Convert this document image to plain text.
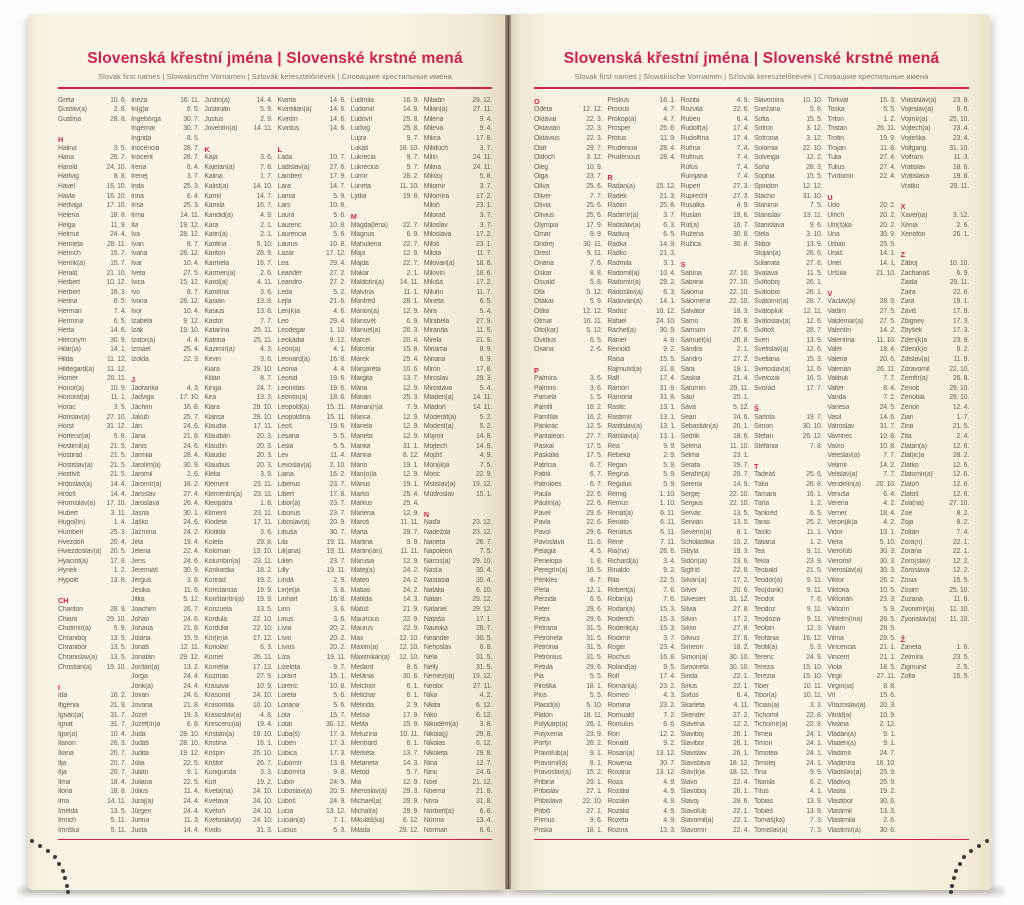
Slovenská křestní jména | Slovenské krstné mená
Slovak first names | Slowakische Vornamen | Szlovák keresztelőnevek | Словацкие крестильные имена
Gréta	10. 6.
Gustáv(a)	2. 8.
Gustína	28. 8.
H
Halina	3. 5.
Hana	26. 7.
Harold	24. 10.
Hartvig	8. 8.
Havel	16. 10.
Havla	16. 10.
Hedviga	17. 10.
Helena	18. 8.
Helga	11. 9.
Helmut	24. 4.
Henrieta	28. 11.
Henrich	15. 7.
Henrik(a)	15. 7.
Herald	21. 10.
Herbert	10. 12.
Herbert	16. 3.
Herina	6. 5.
Herman	7. 4.
Hermína	6. 5.
Herta	14. 6.
Hieronym	30. 9.
Hilár(ia)	14. 1.
Hilda	11. 12.
Hildegard(a) 11. 12.
Homér	20. 11.
Honor(a)	10. 9.
Honorát(a)	11. 1.
Horác	3. 5.
Horislav(a) 27. 10.
Horst	31. 12.
Hortenz(ia)	5. 8.
Hostimil(a)	21. 5.
Hostirad	21. 5.
Hostislav(a)	21. 5.
Hostivít	21. 5.
Hrdoslav(a)	14. 4.
Hrdoš	14. 4.
Hromislav(a) 17. 10.
Hubert	3. 11.
Hugo(lín)	1. 4.
Humbert	25. 3.
Hvezdoň	20. 4.
Hviezdoslav(a) 20. 5.
Hyacint(a)	17. 8.
Hynek	1. 2.
Hypolit	13. 8.
CH
Chariton	28. 9.
Chiara	29. 10.
Chotimír(a)	5. 9.
Chraniboj	13. 5.
Chranibor	13. 5.
Chranislav(a) 13. 5.
Christián(a) 19. 10.
I
Ida	16. 2.
Ifigénia	21. 9.
Ignác(ia)	31. 7.
Ignát	31. 7.
Igor(a)	10. 4.
Ilarion	26. 3.
Iliana	20. 7.
Ilja	20. 7.
Iľja	20. 7.
Ilma	18. 4.
Ilona	18. 8.
Ima	14. 11.
Imelda	13. 5.
Imrich	5. 11.
Imriška	5. 11.
Inéza	16. 11.
In(g)a	6. 5.
Ingeborga	30. 7.
Ingemar	30. 7.
Ingrida	8. 5.
Inocencia	28. 7.
Inocent	28. 7.
Irena	6. 4.
Irenej	3. 7.
Irida	25. 3.
Irina	6. 4.
Irisa	25. 3.
Irma	14. 11.
Ita	19. 12.
Iva	28. 12.
Ivan	8. 7.
Ivana	28. 12.
Ivar	10. 4.
Iveta	27. 5.
Ivica	15. 12.
Ivo	8. 7.
Ivona	28. 12.
Ivor	10. 4.
Izabela	9. 12.
Izák	19. 10.
Izidor(a)	4. 4.
Izmael	25. 4.
Izolda	22. 3.
J
Jadranka	4. 3.
Jadviga	17. 10.
Jáchim	16. 8.
Jakub	25. 7.
Ján	24. 6.
Jana	21. 8.
Janis	24. 6.
Jarmila	28. 4.
Jarolím(a)	30. 9.
Jaromil	2. 6.
Jaromír(a)	18. 2.
Jaroslav	27. 4.
Jaroslava	26. 4.
Jasna	30. 1.
Jaško	24. 6.
Jazmína	24. 2.
Jela	19. 4.
Jelena	22. 4.
Jens	24. 6.
Jeremiáš	30. 9.
Jerguš	3. 8.
Jesika	11. 6.
Jitka	5. 12.
Joachim	26. 7.
Johan	24. 6.
Johana	21. 8.
Jolana	15. 9.
Jonáš	12. 11.
Jonatán	29. 12.
Jordán(a)	13. 2.
Jorga	24. 4.
Jorik(a)	24. 4.
Jovan	24. 6.
Jovana	21. 8.
Jozef	19. 3.
Jozef(ín)a	6. 8.
Júda	28. 10.
Judáš	28. 10.
Judita	19. 12.
Júlia	22. 5.
Julián	9. 1.
Juliána	22. 5.
Július	11. 4.
Juraj(a)	24. 4.
Jürgen	24. 4.
Jurina	11. 3.
Justa	14. 4.
Justín(a)	14. 4.
Justinián	5. 9.
Justus	2. 9.
Juventín(a) 14. 11.
K
Kaja	3. 6.
Kajetán(a)	7. 8.
Kalina	1. 7.
Kalist(a)	14. 10.
Kamil	14. 7.
Kamila	16. 7.
Kandid(a)	4. 9.
Kara	2. 1.
Karin(a)	2. 1.
Karitina	5. 10.
Kariton	28. 9.
Karmela	16. 7.
Karmen(a)	2. 6.
Karol(a)	4. 11.
Karolína	3. 6.
Kasián	13. 8.
Kasius	13. 8.
Kastor	7. 7.
Katarína	25. 11.
Katrina	25. 11.
Kazimír(a)	4. 3.
Kevin	3. 6.
Kiara	29. 10.
Kilián	8. 7.
Kinga	24. 7.
Kira	13. 3.
Klára	29. 10.
Klarisa	29. 10.
Klaudia	17. 11.
Klaudián	20. 3.
Klaudín	20. 3.
Klaudio	20. 3.
Klaudius	20. 3.
Klélia	3. 9.
Klement	23. 11.
Klementín(a) 23. 11.
Kleopatra	1. 8.
Kliment	23. 11.
Klodeta	17. 11.
Klotilda	3. 6.
Koleta	29. 8.
Koloman	13. 10.
Kolumbín(a) 23. 11.
Konkordia	18. 2.
Konrád	19. 2.
Konstancia	19. 9.
Konštantín(a) 19. 9.
Konzuela	13. 5.
Kordula	22. 10.
Kordulia	22. 10.
Kor(in)a	17. 12.
Koriolán	6. 3.
Kornel	26. 11.
Kornélia	17. 12.
Kozmas	27. 9.
Krasava	10. 9.
Krasomil	24. 10.
Krasomila	10. 10.
Krasoslav(a)	4. 8.
Krescenc(ia) 19. 4.
Kristián(a)	19. 10.
Kristína	16. 1.
Krišpín	25. 10.
Krištof	26. 7.
Kunigunda	3. 3.
Kurt	19. 2.
Kveta(na)	24. 10.
Kvetava	24. 10.
Kvetoň	24. 10.
Kvetoslav(a) 24. 10.
Kvido	31. 3.
Kvinta	14. 6.
Kvintilián(a)	14. 6.
Kvintín	14. 6.
Kvintus	14. 6.
L
Lada	10. 7.
Ladislav(a)	27. 6.
Lambert	17. 9.
Lara	14. 7.
Larisa	5. 9.
Lars	10. 8.
Laura	5. 6.
Laurenc	10. 8.
Laurencia	5. 6.
Laurus	10. 8.
Lazár	17. 12.
Lea	29. 4.
Leander	27. 2.
Leandro	27. 2.
Leda	5. 2.
Lejla	21. 6.
Len(k)a	4. 6.
Leo	29. 4.
Leodegar	1. 10.
Leokádia	9. 12.
León(a)	4. 1.
Leonard(a)	16. 8.
Leónia	4. 4.
Leonid	19. 6.
Leonídas	19. 6.
Leontín(a)	18. 6.
Leopold(a)	15. 11.
Leopoldína 15. 11.
Leoš	19. 6.
Lesana	5. 5.
Lesia	5. 5.
Lev	11. 4.
Levoslav(a)	2. 10.
Liana	16. 2.
Libérius	23. 7.
Libert	17. 8.
Libor(a)	23. 7.
Liborius	23. 7.
Liboslav(a)	20. 9.
Libuša	30. 7.
Lila	19. 11.
Lili(ana)	19. 11.
Lilien	23. 7.
Lilly	19. 11.
Linda	2. 9.
Lin(et)a	3. 6.
Linhart	16. 8.
Lino	3. 6.
Linus	3. 6.
Lívia	20. 2.
Lívio	20. 2.
Lívius	20. 2.
Líza	19. 11.
Lizelota	9. 7.
Loránt	15. 1.
Lorenc	10. 8.
Loreta	5. 6.
Loriána	5. 6.
Lota	15. 7.
Lotar	30. 12.
Ľuba(š)	17. 3.
Ľuben	17. 3.
Ľubica	17. 3.
Ľubomír	13. 8.
Ľubomíra	9. 8.
Ľubor	24. 9.
Ľuboslav(a)	20. 9.
Ľuboš	24. 9.
Lucia	13. 12.
Lucián(a)	7. 1.
Lucius	5. 3.
Ľudmila	16. 9.
Ľudomil	14. 9.
Ľudovít	25. 8.
Ludvig	25. 8.
Lujza	9. 7.
Lukáš	18. 10.
Lukrécia	9. 7.
Lukrécius	9. 7.
Lumír	28. 2.
Luneta	11. 10.
Lýdia	19. 8.
M
Magda(léna) 22. 7.
Magnus	6. 9.
Mahuliena	22. 7.
Maja	12. 9.
Majda	22. 7.
Makar	2. 1.
Maldotín(a) 14. 11.
Malvína	11. 1.
Manfréd	28. 1.
Manon(a)	12. 9.
Mansvét	6. 9.
Manuel(a)	26. 3.
Marcel	20. 4.
Marcela	15. 8.
Marek	25. 4.
Margaréta	10. 6.
Margita	13. 7.
Mária	12. 9.
Marián	25. 3.
Marian(n)a	7. 9.
Marica	12. 9.
Mariela	12. 9.
Marieta	12. 9.
Marika	31. 1.
Marína	8. 12.
Mário	19. 1.
Mari(o)la	12. 9.
Márius	19. 1.
Marko	25. 4.
Markus	25. 4.
Marlena	12. 9.
Maroš	11. 11.
Marta	29. 7.
Martina	9. 9.
Martin(ián)	11. 11.
Marusia	12. 9.
Matej(a)	24. 2.
Mateo	24. 2.
Matias	24. 2.
Matilda	14. 3.
Matúš	21. 9.
Maurícius	22. 9.
Maurus	22. 9.
Max	12. 10.
Maxim(a)	12. 10.
Maximilián(a) 12. 10.
Medard	8. 6.
Melánia	30. 6.
Melchior	6. 1.
Melichar	6. 1.
Melinda	2. 9.
Melisa	17. 9.
Melita	15. 9.
Meluzína	10. 11.
Menhard	6. 1.
Merkéta	13. 7.
Metaneta	14. 3.
Metod	5. 7.
Mia	12. 9.
Mieroslav(a) 29. 3.
Michael(a)	29. 9.
Michal(a)	29. 9.
Mikuláš(ka)	6. 12.
Milada	29. 12.
Miladin	29. 12.
Milan(a)	27. 11.
Milena	9. 4.
Mileva	9. 4.
Milica	17. 8.
Miliduch	3. 7.
Milín	24. 11.
Milina	24. 11.
Milivoj	5. 8.
Milomír	3. 7.
Milomíra	17. 2.
Miloň	23. 1.
Milorad	3. 7.
Miloslav	3. 7.
Miloslava	17. 2.
Miloš	23. 1.
Milota	11. 7.
Milovan(a)	18. 6.
Milovín	18. 6.
Miluša	17. 2.
Milutín	11. 7.
Mineta	6. 5.
Mira	5. 4.
Mirabela	27. 9.
Miranda	11. 5.
Mirela	21. 9.
Miriama	8. 9.
Miriana	8. 9.
Mirón	17. 8.
Miroslav	29. 3.
Miroslava	5. 4.
Mladen(a)	14. 11.
Mladoň	14. 11.
Moderát(a)	5. 2.
Modest(a)	5. 2.
Mojmír	14. 8.
Mojtech	14. 8.
Mojžiš	4. 9.
Mon(ik)a	7. 5.
Móric	22. 9.
Mstislav(a) 19. 12.
Múdroslav	15. 1.
N
Naďa	23. 12.
Nadežda	23. 12.
Naneta	26. 7.
Napoleon	7. 5.
Narcis(a)	29. 10.
Nasťa	30. 4.
Nastasia	30. 4.
Natália	6. 10.
Nátan	29. 12.
Natanel	29. 12.
Nataša	17. 1.
Nausika	28. 7.
Neander	30. 5.
Nehoslav	6. 8.
Nela	31. 5.
Nelly	31. 5.
Neméz(ia)	19. 12.
Nestor	27. 11.
Nika	4. 2.
Nikita	6. 12.
Niko	6. 12.
Nikodém(a)	3. 8.
Nikola(j)	29. 8.
Nikolas	6. 12.
Nikoleta	29. 8.
Nina	12. 7.
Nino	24. 6.
Noel	21. 12.
Noema	21. 8.
Nora	31. 8.
Norbert(a)	6. 6.
Norma	13. 4.
Norman	6. 6.
Slovenská křestní jména | Slovenské krstné mená
Slovak first names | Slowakische Vornamen | Szlovák keresztelőnevek | Словацкие крестильные имена
O
Odeta	12. 12.
Oktávia	22. 3.
Oktavián	22. 3.
Oktávius	22. 3.
Olaf	29. 7.
Oldrich	3. 12.
Oleg	10. 9.
Olga	23. 7.
Olíva	25. 6.
Oliver	7. 7.
Olívia	25. 6.
Olívius	25. 6.
Olympia	17. 9.
Omar	9. 9.
Ondrej	30. 11.
Orest	9. 11.
Oriána	7. 6.
Oskar	8. 8.
Osvald	5. 8.
Ota	5. 12.
Otakar	5. 9.
Otília	12. 12.
Otmar	16. 11.
Oto(kar)	5. 12.
Ovidius	6. 5.
Oxana	2. 6.
P
Palmíra	3. 6.
Palmiro	3. 6.
Pamela	1. 5.
Pamfil	16. 2.
Pamfília	16. 2.
Pankrác	12. 5.
Pantaleon	27. 7.
Paskal	17. 5.
Paskália	17. 5.
Patrícia	6. 7.
Patrik	6. 7.
Patrokles	6. 7.
Paula	22. 6.
Paulín(a)	22. 6.
Pavel	29. 6.
Pavla	22. 6.
Pavol	29. 6.
Pavoslava	11. 6.
Pelagia	4. 5.
Penelopa	1. 8.
Peregrín(a)	16. 5.
Perikles	8. 7.
Perla	12. 1.
Perzida	6. 6.
Peter	29. 6.
Petra	29. 6.
Petrana	31. 5.
Petronela	31. 5.
Petrónia	31. 5.
Petrónius	31. 5.
Petula	29. 6.
Pia	5. 5.
Piroška	18. 1.
Pius	5. 5.
Placid(a)	5. 10.
Platón	18. 11.
Polykarp(a)	26. 1.
Polyxénia	23. 9.
Porfýr	26. 2.
Pravoľub(a)	9. 1.
Pravomil(a)	8. 1.
Pravoslav(a) 15. 2.
Pribina	29. 1.
Pribislav	27. 1.
Pribislava	22. 10.
Pribiš	27. 1.
Primus	9. 6.
Priska	18. 1.
Priskus	16. 1.
Procius	4. 7.
Prokop(a)	4. 7.
Prosper	25. 6.
Prótus	11. 9.
Prudencia	28. 4.
Prudencius	28. 4.
R
Radan(a)	15. 12.
Radek	21. 3.
Radim	25. 8.
Radimír(a)	3. 7.
Radislav(a)	6. 3.
Radivoj	6. 5.
Radka	14. 9.
Radko	21. 3.
Radmila	3. 1.
Radomil(a)	10. 4.
Radomír(a)	29. 2.
Radoslav(a)	6. 3.
Radovan(a)	14. 1.
Radúz	10. 12.
Rafael	24. 10.
Ráchel(a)	30. 9.
Rainer	4. 8.
Reinold	9. 2.
Raisa	15. 5.
Rajmund(a)	31. 8.
Ralf	17. 4.
Ramón	31. 8.
Ramona	31. 8.
Rastic	13. 1.
Rastimír	13. 1.
Rastislav(a)	13. 1.
Ratislav(a)	13. 1.
Rea	9. 9.
Rebeka	2. 9.
Regan	5. 9.
Regína	5. 9.
Regulus	5. 9.
Remig	1. 10.
Remus	1. 10.
Renát(a)	6. 11.
Renáto	6. 11.
Renátus	6. 11.
René	7. 11.
Ria(na)	26. 6.
Richard(a)	3. 4.
Rinaldo	9. 2.
Rita	22. 5.
Róbert(a)	7. 6.
Robin(a)	7. 6.
Rodan(a)	15. 3.
Roderich	15. 3.
Roderik(a)	15. 3.
Rodimír	3. 7.
Roger	23. 4.
Rochus	16. 8.
Roland(a)	9. 5.
Rolf	17. 4.
Roman(a)	23. 2.
Romeo	4. 3.
Romina	23. 2.
Romuald	7. 2.
Romulus	6. 6.
Ron	12. 2.
Ronald	9. 2.
Rosan(a)	13. 12.
Rowena	30. 7.
Roxana	13. 12.
Róza	4. 9.
Rozália	4. 9.
Rozalin	4. 9.
Rozálio	4. 9.
Rozeta	4. 9.
Rozina	13. 3.
Rozita	4. 9.
Rozvita	22. 6.
Ruben	6. 4.
Rudolf(a)	17. 4.
Rudolfína	17. 4.
Rufína	7. 4.
Rufínus	7. 4.
Rúfus	7. 4.
Rumjana	7. 4.
Rupert	27. 3.
Ruprecht	27. 3.
Rusalka	4. 9.
Ruslan	19. 6.
Rút(a)	16. 7.
Ružena	30. 8.
Ružica	30. 8.
S
Sabína	27. 10.
Sabrina	27. 10.
Saloma	22. 10.
Salomena	22. 10.
Salvátor	18. 3.
Samo	26. 8.
Samson	27. 6.
Samuel(a)	26. 8.
Sandra	2. 1.
Sandro	27. 2.
Sára	19. 1.
Saskia	21. 4.
Saturnín	29. 11.
Saul	25. 1.
Sáva	5. 12.
Sean	24. 6.
Sebastián(a) 20. 1.
Sedrik	18. 6.
Selena	11. 10.
Selma	23. 1.
Serafa	29. 7.
Serafín(a)	29. 7.
Serena	14. 9.
Sergej	22. 10.
Sergius	22. 10.
Servác	13. 5.
Servián	13. 5.
Severín(a)	8. 1.
Scholastika	10. 2.
Sibyla	19. 3.
Sidón(ia)	23. 6.
Sigfríd	22. 8.
Silván(a)	17. 2.
Silver	20. 6.
Silvester	31. 12.
Silvia	27. 8.
Silvín	17. 2.
Silvio	27. 8.
Silvius	27. 8.
Simeon	18. 2.
Simon(a)	30. 10.
Simoneta	30. 10.
Sinda	22. 1.
Sirius	22. 1.
Sixtus	6. 4.
Skarleta	4. 11.
Skender	27. 2.
Slavena	12. 2.
Slaviboj	26. 1.
Slavibor	26. 1.
Slavislav	26. 1.
Slavislava	18. 12.
Sláv(k)a	18. 12.
Slávo	22. 4.
Slavoboj	26. 1.
Slavoj	28. 6.
Slavoľub	22. 1.
Slavomil(a)	22. 1.
Slavomír	22. 4.
Slavomíra	10. 10.
Snežana	5. 8.
Sofia	15. 5.
Sofron	3. 12.
Sofrónia	3. 12.
Solomia	22. 10.
Solveiga	12. 2.
Soňa	28. 3.
Sophia	15. 5.
Spiridon	12. 12.
Stacho	31. 10.
Stanimír	7. 5.
Stanislav	13. 11.
Stanislava	9. 6.
Stela	3. 10.
Stibor	13. 9.
Stojan(a)	26. 6.
Sulamita	27. 6.
Svatava	11. 5.
Svätoboj	26. 1.
Svätobor	26. 1.
Svätomír(a)	28. 7.
Svätopluk	12. 11.
Svätoslav(a) 12. 6.
Svätoš	28. 7.
Sven	13. 9.
Svetislav(a)	12. 6.
Svetlana	15. 3.
Svetoslav(a) 12. 6.
Svetozár	16. 5.
Svorad	17. 7.
Š
Šarlota	19. 7.
Šimon	30. 10.
Štefan	26. 12.
Štefánia	7. 8.
T
Tadeáš	25. 6.
Tália	26. 8.
Tamara	16. 1.
Táňa	1. 2.
Tankréd	6. 5.
Taras	25. 2.
Tasilo	11. 1.
Tatiana	1. 2.
Tea	9. 11.
Tekla	23. 9.
Teobald	21. 5.
Teodor(a)	9. 11.
Teo(dorik)	9. 11.
Teodot	7. 6.
Teodoz	9. 11.
Teodózia	9. 11.
Teofan	12. 3.
Teofánia	16. 12.
Teofil(a)	5. 3.
Terenc	24. 9.
Tereza	15. 10.
Terézia	15. 10.
Tiber	10. 11.
Tibor(a)	10. 11.
Ticián(a)	3. 3.
Tichomil	22. 8.
Tichomír(a)	22. 8.
Timea	24. 1.
Timon	24. 1.
Timotea	24. 1.
Timotej	24. 1.
Tina	9. 9.
Titanila	6. 2.
Títus	4. 1.
Tobias	13. 9.
Tobiáš	13. 9.
Tomáš(ka)	7. 3.
Tomislav(a)	7. 3.
Torkvát	15. 3.
Toska	5. 5.
Trifon	1. 2.
Tristan	26. 11.
Trofin	19. 9.
Trojan	11. 8.
Tulia	27. 4.
Tulius	27. 4.
Tvrdomír	22. 4.
U
Udo	20. 2.
Ulrich	20. 2.
Ulri(š)ka	20. 2.
Una	30. 9.
Urban	25. 5.
Uriáš	14. 1.
Uriel	14. 1.
Uršula	21. 10.
V
Václav(a)	28. 9.
Vadim	27. 5.
Valdemar(a) 27. 5.
Valentín	14. 2.
Valentína	11. 10.
Valér	18. 4.
Valéria	20. 6.
Valerián	26. 11.
Valibuk	7. 7.
Valter	8. 4.
Vanda	7. 2.
Vanesa	24. 5.
Vasil	14. 6.
Vatroslav	31. 7.
Vavrinec	10. 8.
Vavro	10. 8.
Veleslav(a)	7. 7.
Velimír	14. 2.
Velislav(a)	7. 7.
Vendelín(a) 20. 10.
Venuša	6. 4.
Verena	4. 2.
Verner	18. 4.
Veron(ik)a	4. 2.
Vidor	13. 1.
Viera	5. 10.
Vieroľub	30. 3.
Vieromil	30. 3.
Vieroslav(a)	30. 3.
Viktor	26. 2.
Viktória	10. 5.
Viktorián	23. 3.
Viktorín	5. 9.
Vilhelm(ína)	28. 5.
Viliam	28. 5.
Vilma	29. 5.
Vincencia	21. 1.
Vincent	21. 1.
Viola	18. 5.
Virgil	27. 11.
Virgín(ia)	8. 8.
Vít	15. 6.
Vítazoslav(a) 20. 3.
Vitold(a)	10. 9.
Viviána	2. 12.
Vladan(a)	9. 1.
Vladen(a)	9. 1.
Vladimír	24. 7.
Vladimíra	16. 10.
Vladislav(a)	25. 9.
Vladivoj	25. 9.
Vlasta	19. 2.
Vlastibor	30. 6.
Vlastimil	13. 3.
Vlastimila	2. 6.
Vlastimír(a)	30. 6.
Vlastislav(a) 23. 8.
Vojeslav(a)	9. 6.
Vojmír(a)	25. 10.
Vojtech(a)	23. 4.
Vojteška	23. 4.
Volfgang	31. 10.
Volfram	11. 3.
Vratislav	18. 6.
Vratislava	19. 8.
Vratko	29. 11.
X
Xavér(ia)	3. 12.
Xénia	2. 6.
Xenofón	26. 1.
Z
Záboj	10. 10.
Zachariáš	6. 9.
Zaida	29. 11.
Zaira	22. 6.
Zara	19. 1.
Záviš	17. 9.
Zbignev	17. 3.
Zbyšek	17. 3.
Zden(k)a	23. 9.
Zden(k)o	9. 2.
Zdislav(a)	11. 9.
Zdravomil	22. 10.
Zemfír(a)	26. 8.
Zenob	29. 10.
Zenóbia	29. 10.
Zenon	12. 4.
Zian	1. 7.
Zina	21. 5.
Zita	2. 4.
Zlatan(a)	12. 6.
Zlat(ic)a	28. 2.
Zlatko	12. 6.
Zlatomír(a)	12. 6.
Zlatoň	12. 6.
Zlatoš	12. 6.
Zoa(na)	27. 10.
Zoe	8. 2.
Zoja	8. 2.
Zoltán	7. 4.
Zora(n)	22. 1.
Zorana	22. 1.
Zoro(slav)	12. 2.
Zoroslava	12. 2.
Zosia	15. 5.
Zosim	25. 10.
Zuzana	11. 8.
Zvonimír(a) 11. 10.
Zvonislav(a) 11. 10.
Ž
Žaneta	1. 6.
Želmíra	23. 5.
Žigmund	2. 5.
Žofia	15. 5.
